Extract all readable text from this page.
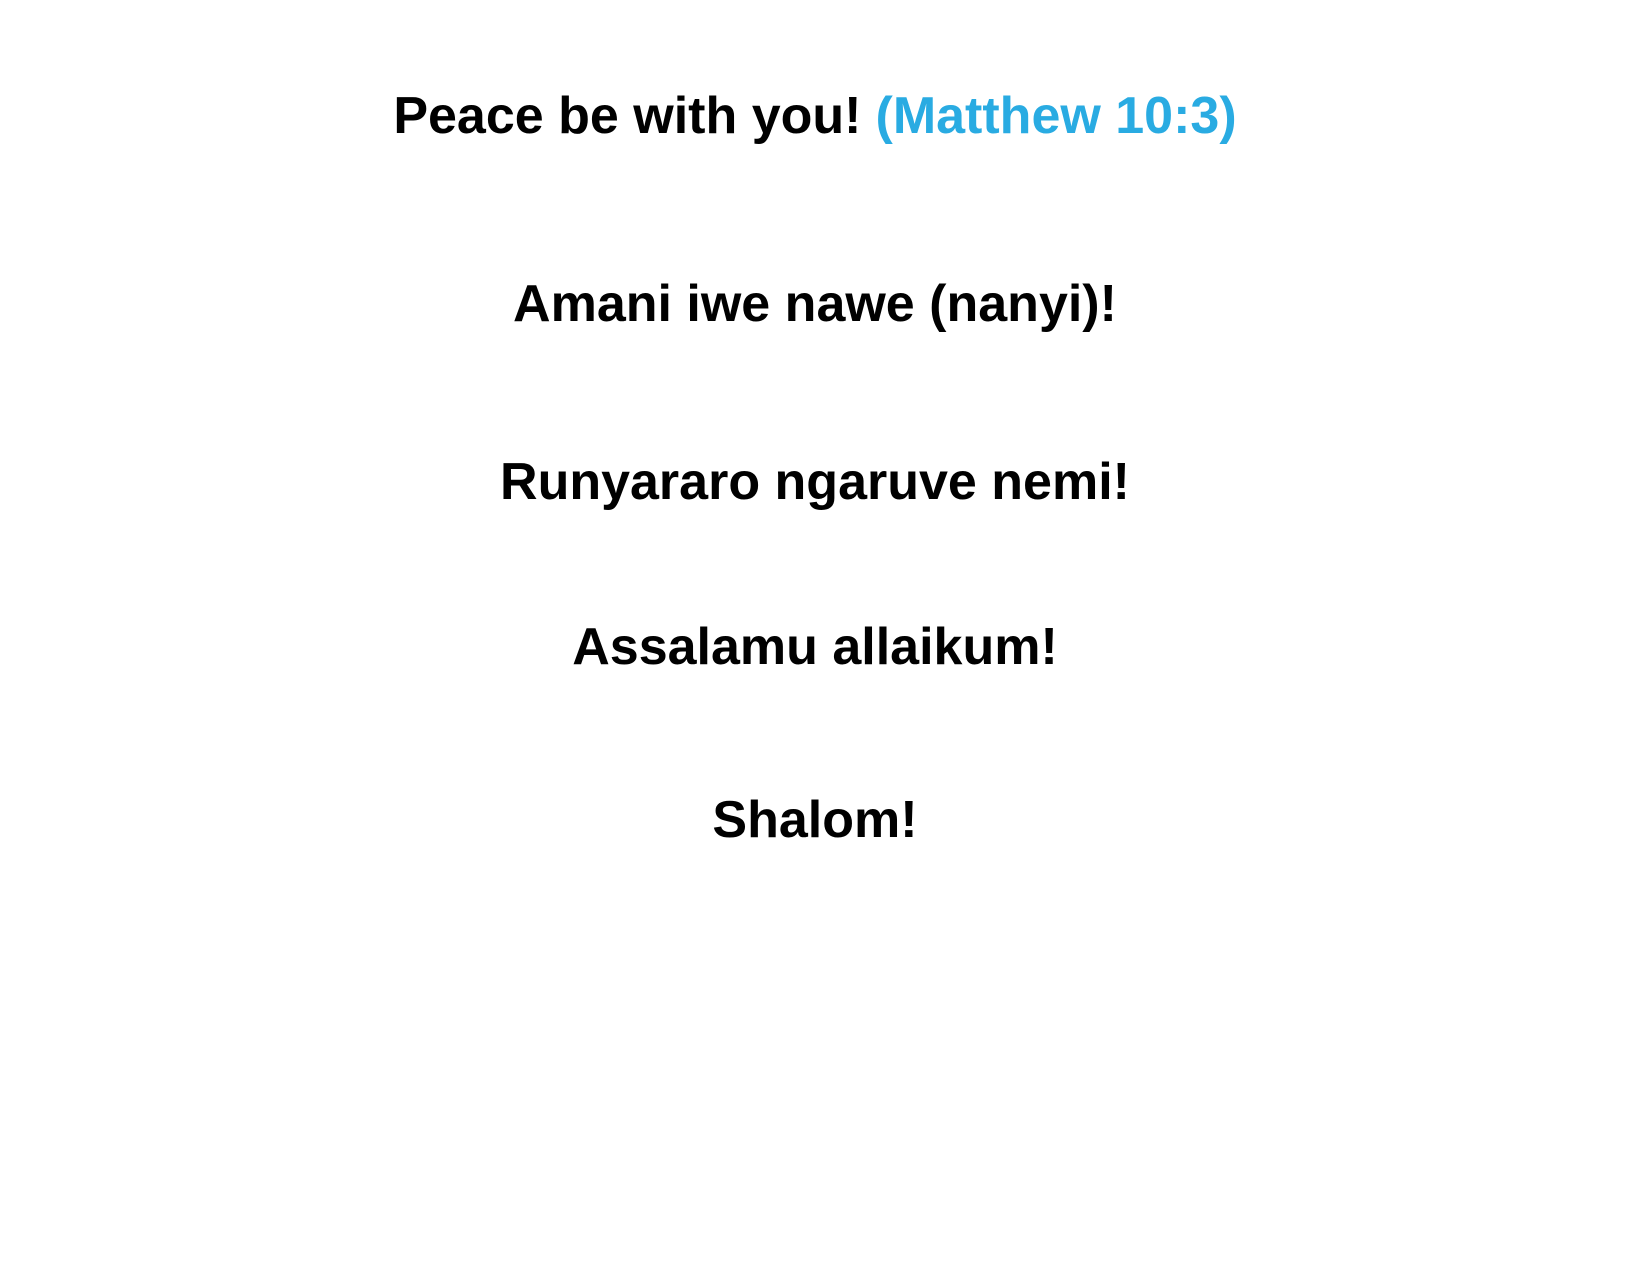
Peace be with you! (Matthew 10:3)

Amani iwe nawe (nanyi)!

Runyararo ngaruve nemi!

Assalamu allaikum!

Shalom!
